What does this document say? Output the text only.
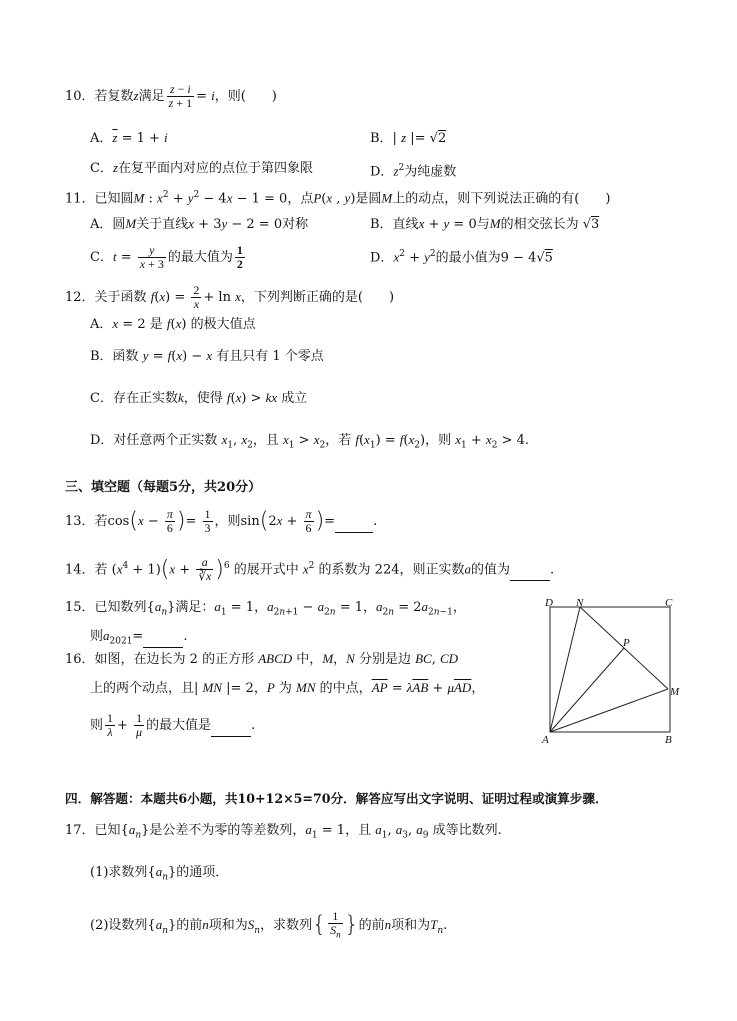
10．若复数z满足 $\frac{z - i}{z + 1} = i$，则(　　)
A．$\overline{z} = 1 + i$	B．| z |= √2
C．z在复平面内对应的点位于第四象限	D．$z^2$为纯虚数
11．已知圆M : $x^2 + y^2 - 4x - 1 = 0$，点P(x , y)是圆M上的动点，则下列说法正确的有(　　)
A．圆M关于直线x + 3y − 2 = 0对称	B．直线x + y = 0与M的相交弦长为 √3
C．$t = \frac{y}{x + 3}$ 的最大值为 $\frac{1}{2}$	D．$x^2 + y^2$的最小值为9 − 4√5
12．关于函数 $f(x) = \frac{2}{x} + \ln x$，下列判断正确的是(　　)
A．x = 2 是 f(x) 的极大值点
B．函数 y = f(x) − x 有且只有 1 个零点
C．存在正实数k，使得 f(x) > kx 成立
D．对任意两个正实数 $x_1$, $x_2$，且 $x_1 > x_2$，若 $f(x_1) = f(x_2)$，则 $x_1 + x_2 > 4$.
三、填空题（每题5分，共20分）
13．若$\cos(x - \frac{\pi}{6}$ )= $\frac{1}{3}$ ，则$\sin(2x + \frac{\pi}{6}$ )=	.
14．若 $(x^4 + 1)(x + \frac{a}{∛x} )^6$ 的展开式中 $x^2$ 的系数为 224，则正实数a的值为	.
15．已知数列$\{a_n\}$满足：$a_1 = 1$，$a_{2n+1} - a_{2n} = 1$，$a_{2n} = 2a_{2n-1}$，
则$a_{2021}=$	.
16．如图，在边长为 2 的正方形 ABCD 中，M，N 分别是边 BC, CD
上的两个动点，且| MN |= 2，P 为 MN 的中点，$\overline{AP} = \lambda\overline{AB} + \mu\overline{AD}$，
则 $\frac{1}{\lambda} + \frac{1}{\mu}$ 的最大值是	.
D N	C
P
M
A	B
四．解答题：本题共6小题，共10+12×5=70分．解答应写出文字说明、证明过程或演算步骤．
17．已知$\{a_n\}$是公差不为零的等差数列，$a_1 = 1$，且 $a_1$, $a_3$, $a_9$ 成等比数列.
(1)求数列$\{a_n\}$的通项．
(2)设数列$\{a_n\}$的前n项和为$S_n$，求数列{ $\frac{1}{S_n}$ }的前n项和为$T_n$.
